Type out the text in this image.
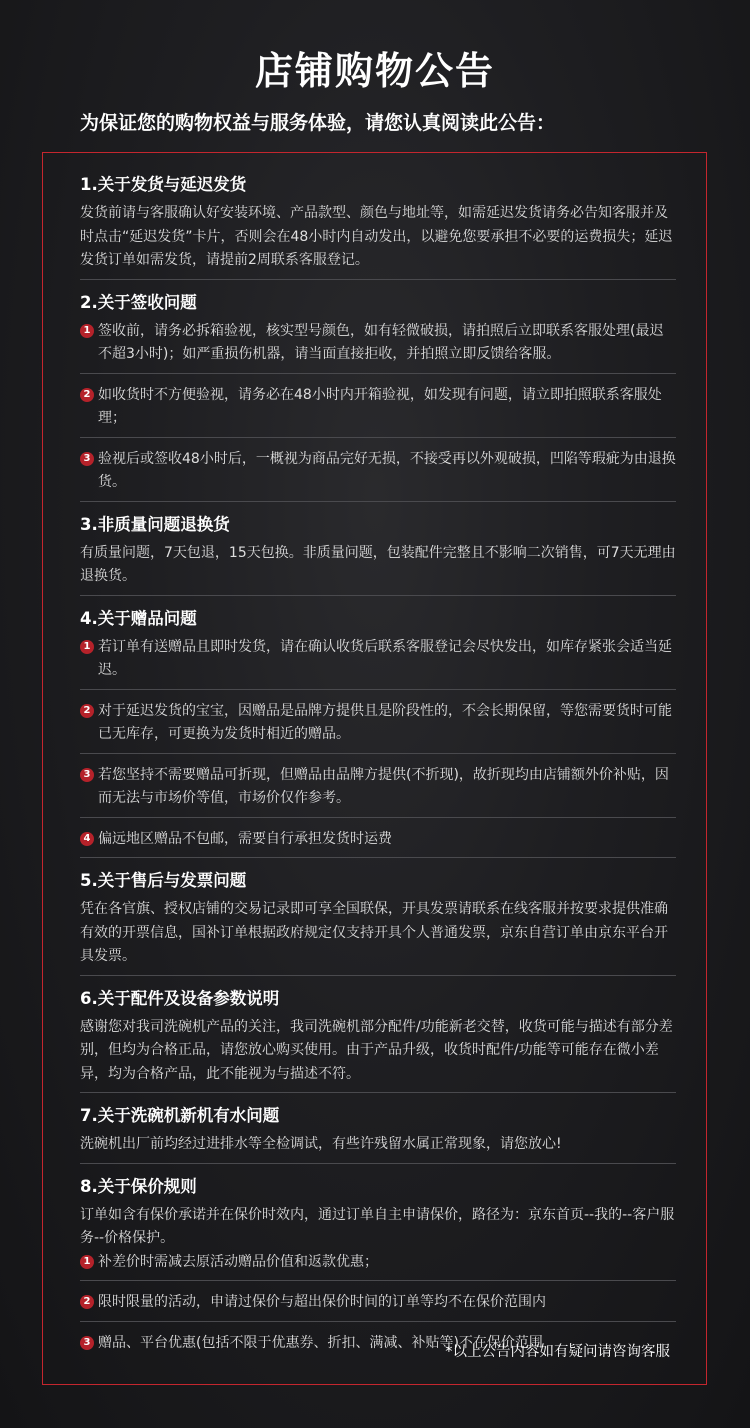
店铺购物公告
为保证您的购物权益与服务体验，请您认真阅读此公告：
1.关于发货与延迟发货

发货前请与客服确认好安装环境、产品款型、颜色与地址等，如需延迟发货请务必告知客服并及时点击“延迟发货”卡片，否则会在48小时内自动发出，以避免您要承担不必要的运费损失；延迟发货订单如需发货，请提前2周联系客服登记。

2.关于签收问题
1 签收前，请务必拆箱验视，核实型号颜色，如有轻微破损，请拍照后立即联系客服处理(最迟不超3小时)；如严重损伤机器，请当面直接拒收，并拍照立即反馈给客服。
2 如收货时不方便验视，请务必在48小时内开箱验视，如发现有问题，请立即拍照联系客服处理；
3 验视后或签收48小时后，一概视为商品完好无损，不接受再以外观破损，凹陷等瑕疵为由退换货。
3.非质量问题退换货

有质量问题，7天包退，15天包换。非质量问题，包装配件完整且不影响二次销售，可7天无理由退换货。

4.关于赠品问题
1 若订单有送赠品且即时发货，请在确认收货后联系客服登记会尽快发出，如库存紧张会适当延迟。
2 对于延迟发货的宝宝，因赠品是品牌方提供且是阶段性的，不会长期保留，等您需要货时可能已无库存，可更换为发货时相近的赠品。
3 若您坚持不需要赠品可折现，但赠品由品牌方提供(不折现)，故折现均由店铺额外价补贴，因而无法与市场价等值，市场价仅作参考。
4 偏远地区赠品不包邮，需要自行承担发货时运费
5.关于售后与发票问题

凭在各官旗、授权店铺的交易记录即可享全国联保，开具发票请联系在线客服并按要求提供准确有效的开票信息，国补订单根据政府规定仅支持开具个人普通发票，京东自营订单由京东平台开具发票。

6.关于配件及设备参数说明

感谢您对我司洗碗机产品的关注，我司洗碗机部分配件/功能新老交替，收货可能与描述有部分差别，但均为合格正品，请您放心购买使用。由于产品升级，收货时配件/功能等可能存在微小差异，均为合格产品，此不能视为与描述不符。

7.关于洗碗机新机有水问题

洗碗机出厂前均经过进排水等全检调试，有些许残留水属正常现象，请您放心!

8.关于保价规则

订单如含有保价承诺并在保价时效内，通过订单自主申请保价，路径为：京东首页--我的--客户服务--价格保护。

1 补差价时需减去原活动赠品价值和返款优惠；
2 限时限量的活动，申请过保价与超出保价时间的订单等均不在保价范围内
3 赠品、平台优惠(包括不限于优惠券、折扣、满减、补贴等)不在保价范围
*以上公告内容如有疑问请咨询客服
